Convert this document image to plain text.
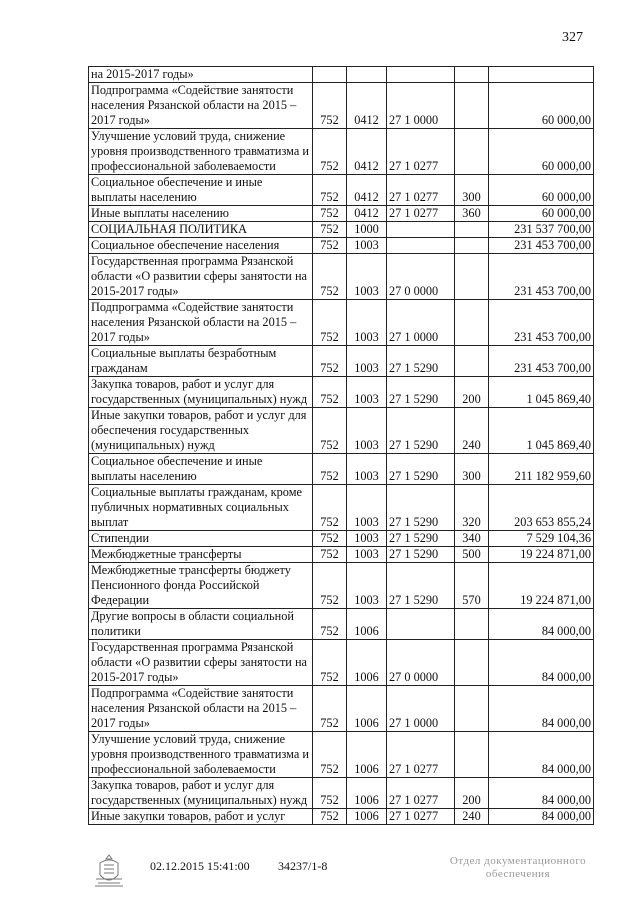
327
на 2015-2017 годы»					
Подпрограмма «Содействие занятости населения Рязанской области на 2015 – 2017 годы»	752	0412	27 1 0000		60 000,00
Улучшение условий труда, снижение уровня производственного травматизма и профессиональной заболеваемости	752	0412	27 1 0277		60 000,00
Социальное обеспечение и иные выплаты населению	752	0412	27 1 0277	300	60 000,00
Иные выплаты населению	752	0412	27 1 0277	360	60 000,00
СОЦИАЛЬНАЯ ПОЛИТИКА	752	1000			231 537 700,00
Социальное обеспечение населения	752	1003			231 453 700,00
Государственная программа Рязанской области «О развитии сферы занятости на 2015-2017 годы»	752	1003	27 0 0000		231 453 700,00
Подпрограмма «Содействие занятости населения Рязанской области на 2015 – 2017 годы»	752	1003	27 1 0000		231 453 700,00
Социальные выплаты безработным гражданам	752	1003	27 1 5290		231 453 700,00
Закупка товаров, работ и услуг для государственных (муниципальных) нужд	752	1003	27 1 5290	200	1 045 869,40
Иные закупки товаров, работ и услуг для обеспечения государственных (муниципальных) нужд	752	1003	27 1 5290	240	1 045 869,40
Социальное обеспечение и иные выплаты населению	752	1003	27 1 5290	300	211 182 959,60
Социальные выплаты гражданам, кроме публичных нормативных социальных выплат	752	1003	27 1 5290	320	203 653 855,24
Стипендии	752	1003	27 1 5290	340	7 529 104,36
Межбюджетные трансферты	752	1003	27 1 5290	500	19 224 871,00
Межбюджетные трансферты бюджету Пенсионного фонда Российской Федерации	752	1003	27 1 5290	570	19 224 871,00
Другие вопросы в области социальной политики	752	1006			84 000,00
Государственная программа Рязанской области «О развитии сферы занятости на 2015-2017 годы»	752	1006	27 0 0000		84 000,00
Подпрограмма «Содействие занятости населения Рязанской области на 2015 – 2017 годы»	752	1006	27 1 0000		84 000,00
Улучшение условий труда, снижение уровня производственного травматизма и профессиональной заболеваемости	752	1006	27 1 0277		84 000,00
Закупка товаров, работ и услуг для государственных (муниципальных) нужд	752	1006	27 1 0277	200	84 000,00
Иные закупки товаров, работ и услуг	752	1006	27 1 0277	240	84 000,00
02.12.2015 15:41:00 34237/1-8	Отдел документационного
обеспечения
